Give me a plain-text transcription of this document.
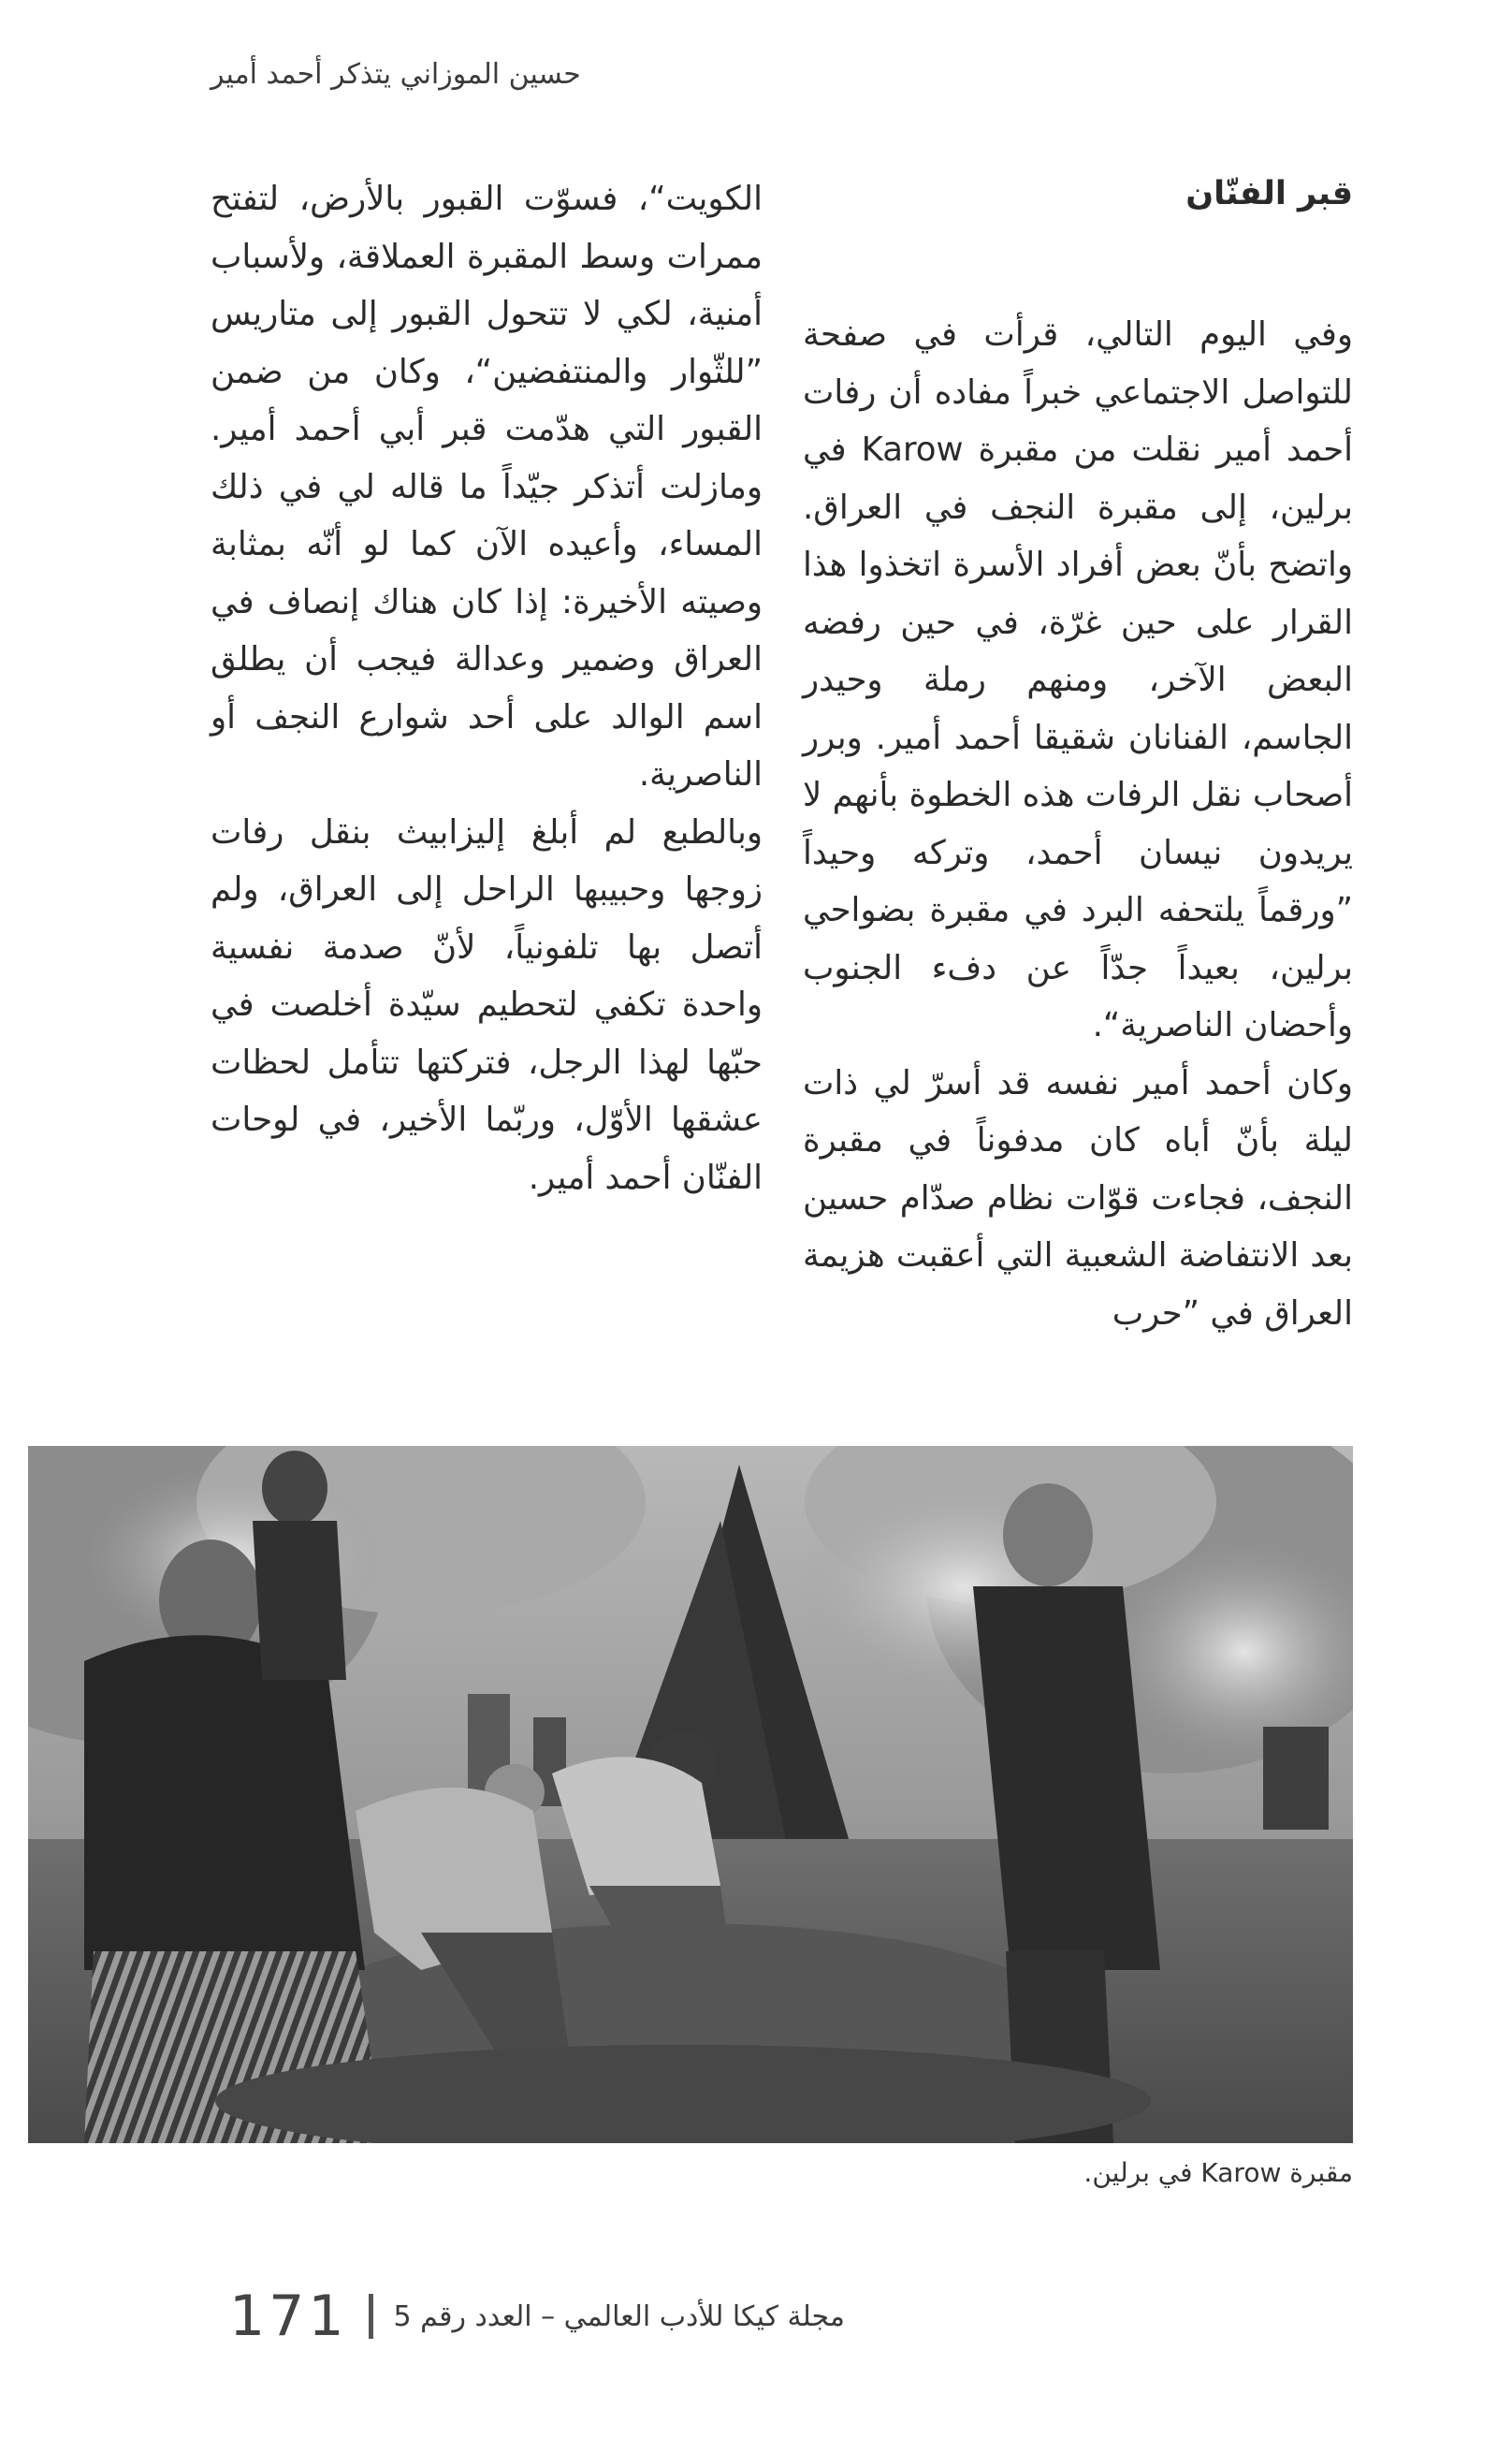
حسين الموزاني يتذكر أحمد أمير
قبر الفنّان

وفي اليوم التالي، قرأت في صفحة للتواصل الاجتماعي خبراً مفاده أن رفات أحمد أمير نقلت من مقبرة Karow في برلين، إلى مقبرة النجف في العراق. واتضح بأنّ بعض أفراد الأسرة اتخذوا هذا القرار على حين غرّة، في حين رفضه البعض الآخر، ومنهم رملة وحيدر الجاسم، الفنانان شقيقا أحمد أمير. وبرر أصحاب نقل الرفات هذه الخطوة بأنهم لا يريدون نيسان أحمد، وتركه وحيداً ”ورقماً يلتحفه البرد في مقبرة بضواحي برلين، بعيداً جدّاً عن دفء الجنوب وأحضان الناصرية“.

وكان أحمد أمير نفسه قد أسرّ لي ذات ليلة بأنّ أباه كان مدفوناً في مقبرة النجف، فجاءت قوّات نظام صدّام حسين بعد الانتفاضة الشعبية التي أعقبت هزيمة العراق في ”حرب

الكويت“، فسوّت القبور بالأرض، لتفتح ممرات وسط المقبرة العملاقة، ولأسباب أمنية، لكي لا تتحول القبور إلى متاريس ”للثّوار والمنتفضين“، وكان من ضمن القبور التي هدّمت قبر أبي أحمد أمير. ومازلت أتذكر جيّداً ما قاله لي في ذلك المساء، وأعيده الآن كما لو أنّه بمثابة وصيته الأخيرة: إذا كان هناك إنصاف في العراق وضمير وعدالة فيجب أن يطلق اسم الوالد على أحد شوارع النجف أو الناصرية.

وبالطبع لم أبلغ إليزابيث بنقل رفات زوجها وحبيبها الراحل إلى العراق، ولم أتصل بها تلفونياً، لأنّ صدمة نفسية واحدة تكفي لتحطيم سيّدة أخلصت في حبّها لهذا الرجل، فتركتها تتأمل لحظات عشقها الأوّل، وربّما الأخير، في لوحات الفنّان أحمد أمير.

مقبرة Karow في برلين.
مجلة كيكا للأدب العالمي – العدد رقم 5
171
